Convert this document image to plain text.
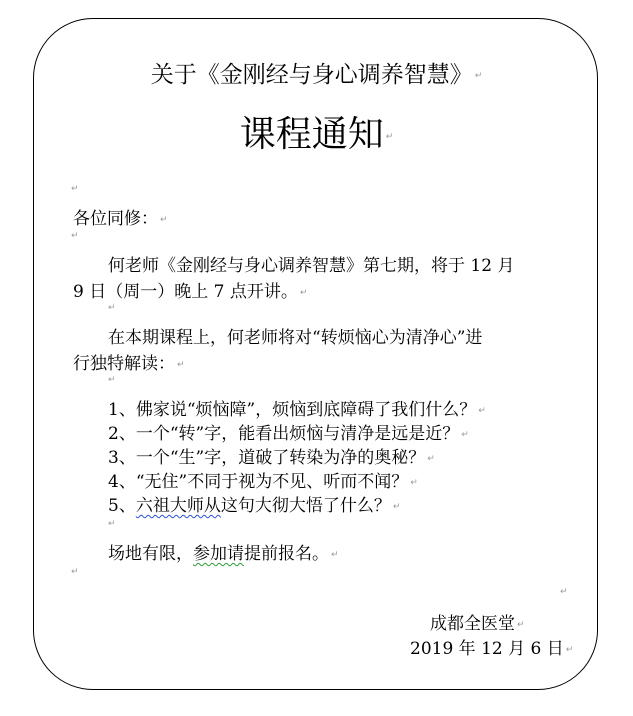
关于《金刚经与身心调养智慧》 ↵
课程通知 ↵
↵
各位同修： ↵
↵
何老师《金刚经与身心调养智慧》第七期，将于 12 月
9 日（周一）晚上 7 点开讲。 ↵
↵
在本期课程上，何老师将对“转烦恼心为清净心”进
行独特解读： ↵
↵
1、佛家说“烦恼障”，烦恼到底障碍了我们什么？ ↵
2、一个“转”字，能看出烦恼与清净是远是近？ ↵
3、一个“生”字，道破了转染为净的奥秘？ ↵
4、“无住”不同于视为不见、听而不闻？ ↵
5、六祖大师从这句大彻大悟了什么？ ↵
↵
场地有限，参加请提前报名。 ↵
↵
↵
成都全医堂 ↵
2019 年 12 月 6 日 ↵
